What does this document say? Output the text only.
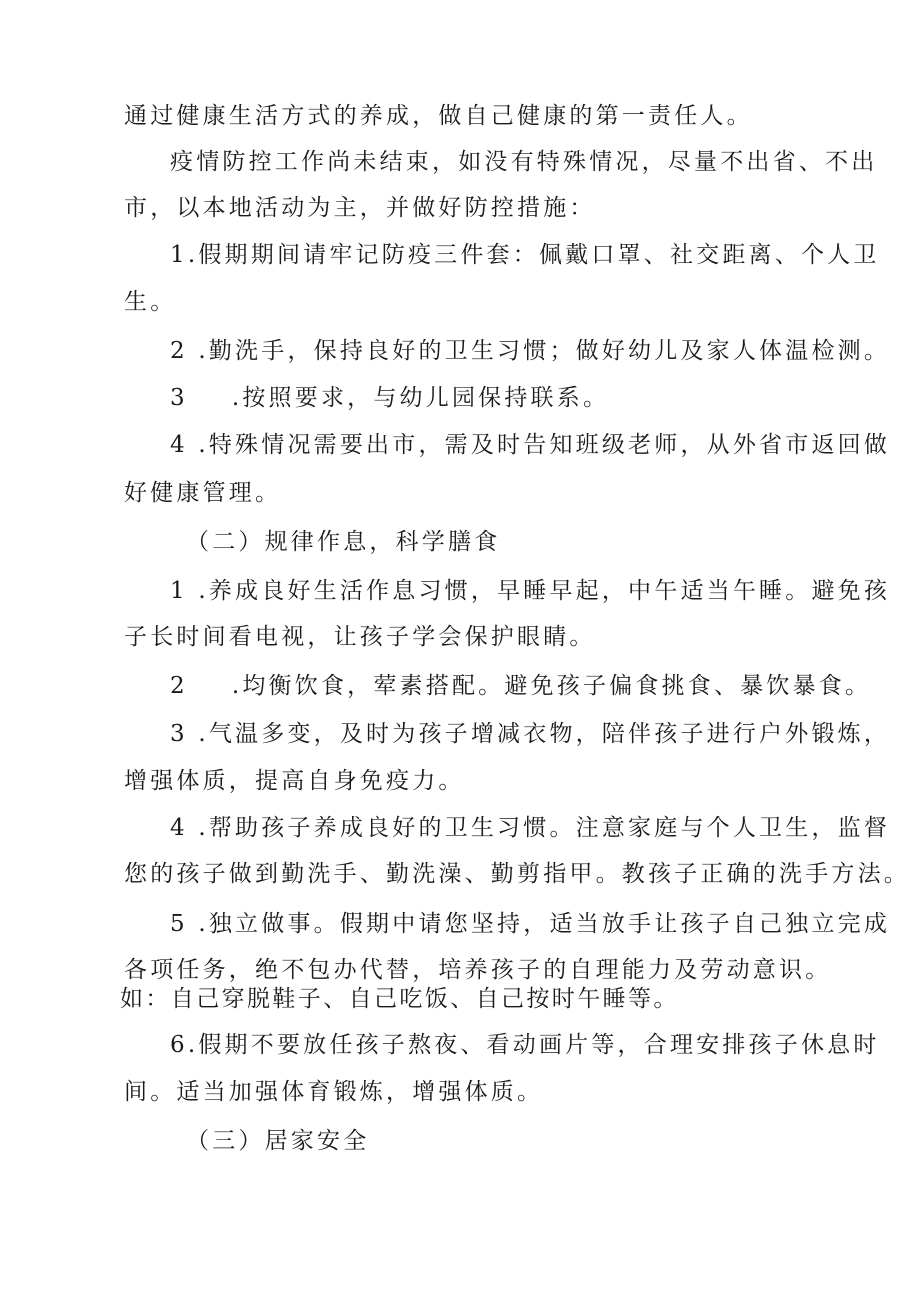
通过健康生活方式的养成，做自己健康的第一责任人。
疫情防控工作尚未结束，如没有特殊情况，尽量不出省、不出
市，以本地活动为主，并做好防控措施：
1.假期期间请牢记防疫三件套：佩戴口罩、社交距离、个人卫
生。
2 .勤洗手，保持良好的卫生习惯；做好幼儿及家人体温检测。
3 .按照要求，与幼儿园保持联系。
4 .特殊情况需要出市，需及时告知班级老师，从外省市返回做
好健康管理。
（二）规律作息，科学膳食
1 .养成良好生活作息习惯，早睡早起，中午适当午睡。避免孩
子长时间看电视，让孩子学会保护眼睛。
2 .均衡饮食，荤素搭配。避免孩子偏食挑食、暴饮暴食。
3 .气温多变，及时为孩子增减衣物，陪伴孩子进行户外锻炼，
增强体质，提高自身免疫力。
4 .帮助孩子养成良好的卫生习惯。注意家庭与个人卫生，监督
您的孩子做到勤洗手、勤洗澡、勤剪指甲。教孩子正确的洗手方法。
5 .独立做事。假期中请您坚持，适当放手让孩子自己独立完成
各项任务，绝不包办代替，培养孩子的自理能力及劳动意识。
如：自己穿脱鞋子、自己吃饭、自己按时午睡等。
6.假期不要放任孩子熬夜、看动画片等，合理安排孩子休息时
间。适当加强体育锻炼，增强体质。
（三）居家安全
